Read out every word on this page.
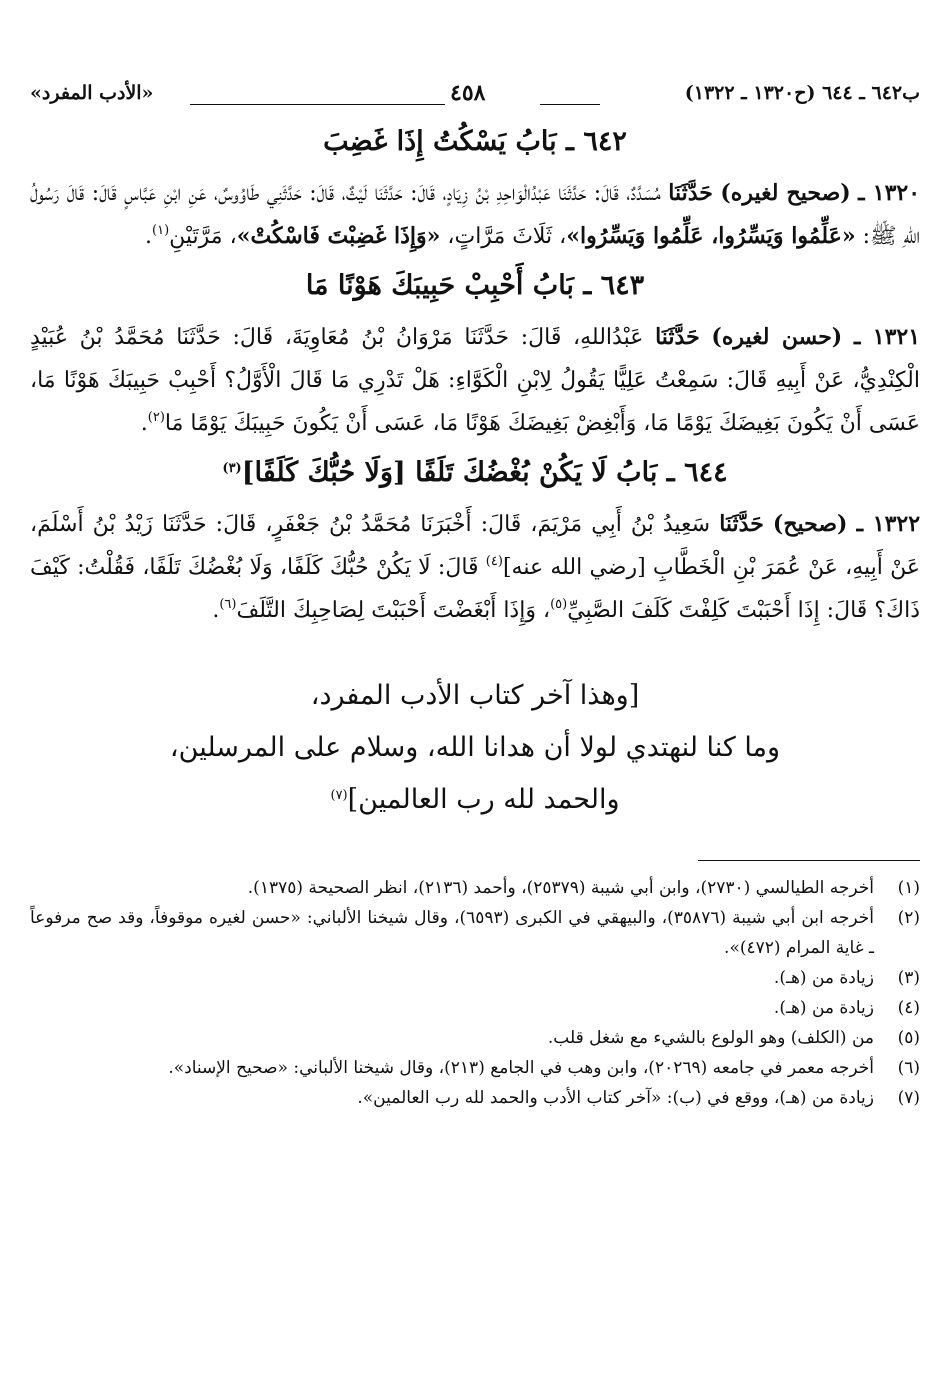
ب٦٤٢ ـ ٦٤٤ (ح١٣٢٠ ـ ١٣٢٢)
٤٥٨
«الأدب المفرد»
٦٤٢ ـ بَابُ يَسْكُتُ إِذَا غَضِبَ

١٣٢٠ ـ (صحيح لغيره) حَدَّثَنَا مُسَدَّدٌ، قَالَ: حَدَّثَنَا عَبْدُالْوَاحِدِ بْنُ زِيَادٍ، قَالَ: حَدَّثَنَا لَيْثٌ، قَالَ: حَدَّثَنِي طَاوُوسٌ، عَنِ ابْنِ عَبَّاسٍ قَالَ: قَالَ رَسُولُ اللهِ ﷺ: «عَلِّمُوا وَيَسِّرُوا، عَلِّمُوا وَيَسِّرُوا»، ثَلَاثَ مَرَّاتٍ، «وَإِذَا غَضِبْتَ فَاسْكُتْ»، مَرَّتَيْنِ$^{(١)}$.

٦٤٣ ـ بَابُ أَحْبِبْ حَبِيبَكَ هَوْنًا مَا

١٣٢١ ـ (حسن لغيره) حَدَّثَنَا عَبْدُاللهِ، قَالَ: حَدَّثَنَا مَرْوَانُ بْنُ مُعَاوِيَةَ، قَالَ: حَدَّثَنَا مُحَمَّدُ بْنُ عُبَيْدٍ الْكِنْدِيُّ، عَنْ أَبِيهِ قَالَ: سَمِعْتُ عَلِيًّا يَقُولُ لِابْنِ الْكَوَّاءِ: هَلْ تَدْرِي مَا قَالَ الْأَوَّلُ؟ أَحْبِبْ حَبِيبَكَ هَوْنًا مَا، عَسَى أَنْ يَكُونَ بَغِيضَكَ يَوْمًا مَا، وَأَبْغِضْ بَغِيضَكَ هَوْنًا مَا، عَسَى أَنْ يَكُونَ حَبِيبَكَ يَوْمًا مَا$^{(٢)}$.

٦٤٤ ـ بَابُ لَا يَكُنْ بُغْضُكَ تَلَفًا [وَلَا حُبُّكَ كَلَفًا]$^{(٣)}$

١٣٢٢ ـ (صحيح) حَدَّثَنَا سَعِيدُ بْنُ أَبِي مَرْيَمَ، قَالَ: أَخْبَرَنَا مُحَمَّدُ بْنُ جَعْفَرٍ، قَالَ: حَدَّثَنَا زَيْدُ بْنُ أَسْلَمَ، عَنْ أَبِيهِ، عَنْ عُمَرَ بْنِ الْخَطَّابِ [رضي الله عنه]$^{(٤)}$ قَالَ: لَا يَكُنْ حُبُّكَ كَلَفًا، وَلَا بُغْضُكَ تَلَفًا، فَقُلْتُ: كَيْفَ ذَاكَ؟ قَالَ: إِذَا أَحْبَبْتَ كَلِفْتَ كَلَفَ الصَّبِيِّ$^{(٥)}$، وَإِذَا أَبْغَضْتَ أَحْبَبْتَ لِصَاحِبِكَ التَّلَفَ$^{(٦)}$.

[وهذا آخر كتاب الأدب المفرد،
وما كنا لنهتدي لولا أن هدانا الله، وسلام على المرسلين،
والحمد لله رب العالمين]$^{(٧)}$
(١)
أخرجه الطيالسي (٢٧٣٠)، وابن أبي شيبة (٢٥٣٧٩)، وأحمد (٢١٣٦)، انظر الصحيحة (١٣٧٥).
(٢)
أخرجه ابن أبي شيبة (٣٥٨٧٦)، والبيهقي في الكبرى (٦٥٩٣)، وقال شيخنا الألباني: «حسن لغيره موقوفاً، وقد صح مرفوعاً ـ غاية المرام (٤٧٢)».
(٣)
زيادة من (هـ).
(٤)
زيادة من (هـ).
(٥)
من (الكلف) وهو الولوع بالشيء مع شغل قلب.
(٦)
أخرجه معمر في جامعه (٢٠٢٦٩)، وابن وهب في الجامع (٢١٣)، وقال شيخنا الألباني: «صحيح الإسناد».
(٧)
زيادة من (هـ)، ووقع في (ب): «آخر كتاب الأدب والحمد لله رب العالمين».
